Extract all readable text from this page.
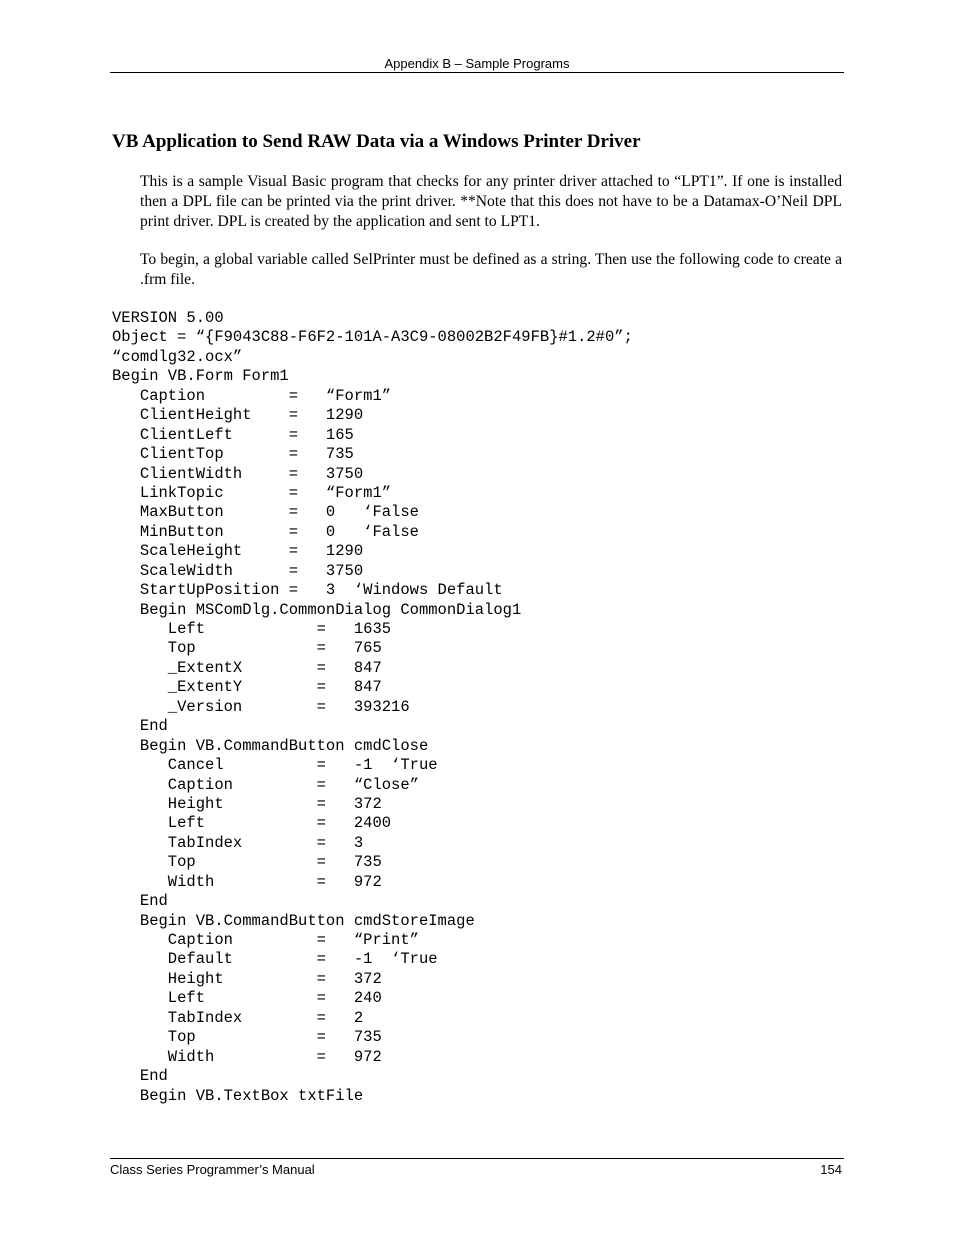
Appendix B – Sample Programs
VB Application to Send RAW Data via a Windows Printer Driver

This is a sample Visual Basic program that checks for any printer driver attached to “LPT1”. If one is installed then a DPL file can be printed via the print driver. **Note that this does not have to be a Datamax-O’Neil DPL print driver. DPL is created by the application and sent to LPT1.

To begin, a global variable called SelPrinter must be defined as a string. Then use the following code to create a .frm file.

VERSION 5.00
Object = “{F9043C88-F6F2-101A-A3C9-08002B2F49FB}#1.2#0”;
“comdlg32.ocx”
Begin VB.Form Form1
Caption         =   “Form1”
ClientHeight    =   1290
ClientLeft      =   165
ClientTop       =   735
ClientWidth     =   3750
LinkTopic       =   “Form1”
MaxButton       =   0   ‘False
MinButton       =   0   ‘False
ScaleHeight     =   1290
ScaleWidth      =   3750
StartUpPosition =   3  ‘Windows Default
Begin MSComDlg.CommonDialog CommonDialog1
Left            =   1635
Top             =   765
_ExtentX        =   847
_ExtentY        =   847
_Version        =   393216
End
Begin VB.CommandButton cmdClose
Cancel          =   -1  ‘True
Caption         =   “Close”
Height          =   372
Left            =   2400
TabIndex        =   3
Top             =   735
Width           =   972
End
Begin VB.CommandButton cmdStoreImage
Caption         =   “Print”
Default         =   -1  ‘True
Height          =   372
Left            =   240
TabIndex        =   2
Top             =   735
Width           =   972
End
Begin VB.TextBox txtFile
Class Series Programmer’s Manual	154
